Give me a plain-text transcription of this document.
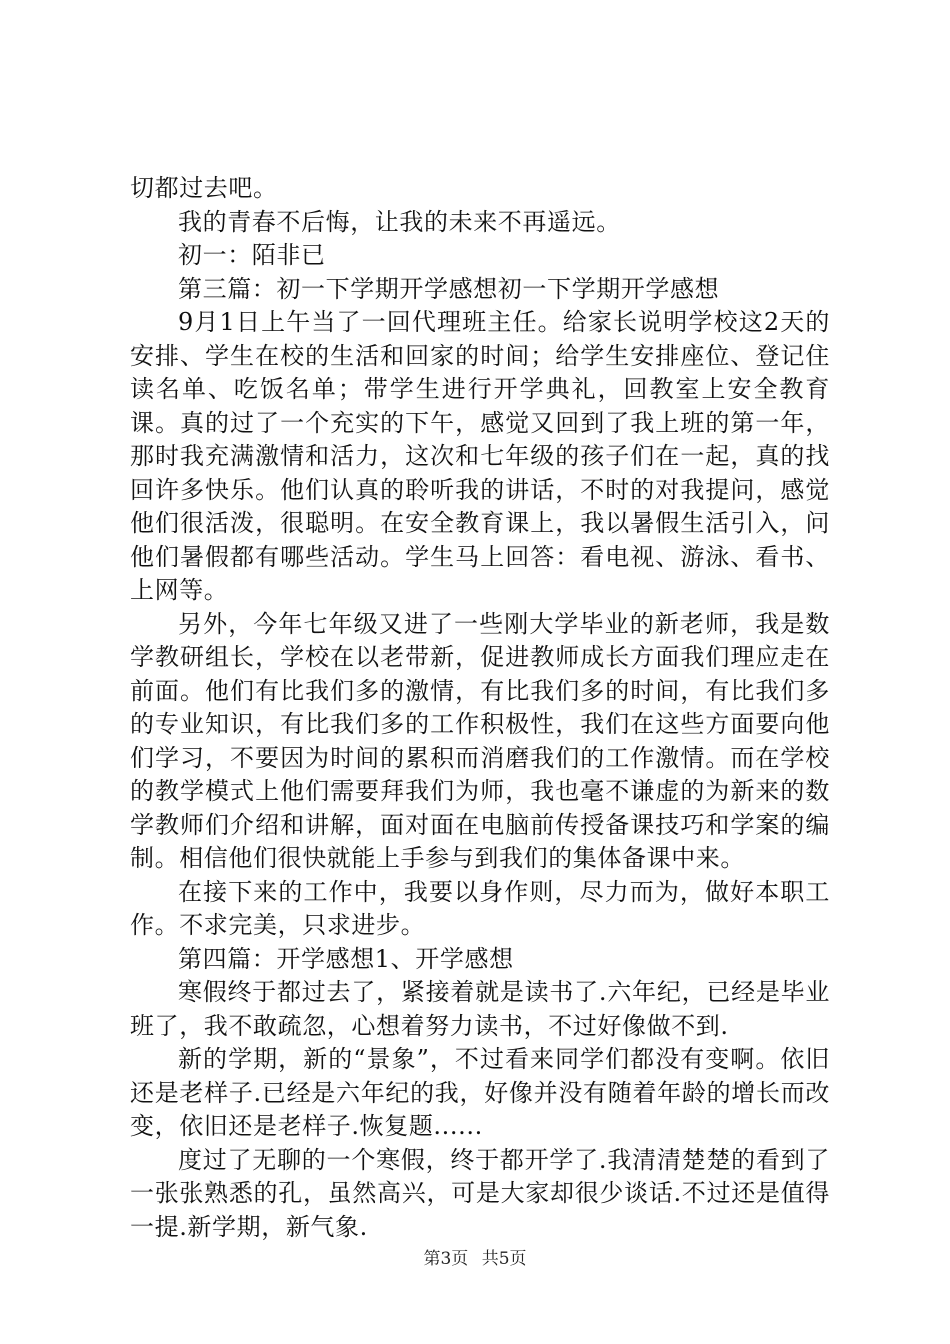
切都过去吧。

我的青春不后悔，让我的未来不再遥远。

初一：陌非已

第三篇：初一下学期开学感想初一下学期开学感想

9月1日上午当了一回代理班主任。给家长说明学校这2天的安排、学生在校的生活和回家的时间；给学生安排座位、登记住读名单、吃饭名单；带学生进行开学典礼，回教室上安全教育课。真的过了一个充实的下午，感觉又回到了我上班的第一年，那时我充满激情和活力，这次和七年级的孩子们在一起，真的找回许多快乐。他们认真的聆听我的讲话，不时的对我提问，感觉他们很活泼，很聪明。在安全教育课上，我以暑假生活引入，问他们暑假都有哪些活动。学生马上回答：看电视、游泳、看书、上网等。

另外，今年七年级又进了一些刚大学毕业的新老师，我是数学教研组长，学校在以老带新，促进教师成长方面我们理应走在前面。他们有比我们多的激情，有比我们多的时间，有比我们多的专业知识，有比我们多的工作积极性，我们在这些方面要向他们学习，不要因为时间的累积而消磨我们的工作激情。而在学校的教学模式上他们需要拜我们为师，我也毫不谦虚的为新来的数学教师们介绍和讲解，面对面在电脑前传授备课技巧和学案的编制。相信他们很快就能上手参与到我们的集体备课中来。

在接下来的工作中，我要以身作则，尽力而为，做好本职工作。不求完美，只求进步。

第四篇：开学感想1、开学感想

寒假终于都过去了，紧接着就是读书了.六年纪，已经是毕业班了，我不敢疏忽，心想着努力读书，不过好像做不到.

新的学期，新的“景象”，不过看来同学们都没有变啊。依旧还是老样子.已经是六年纪的我，好像并没有随着年龄的增长而改变，依旧还是老样子.恢复题......

度过了无聊的一个寒假，终于都开学了.我清清楚楚的看到了一张张熟悉的孔，虽然高兴，可是大家却很少谈话.不过还是值得一提.新学期，新气象.

第3页 共5页
